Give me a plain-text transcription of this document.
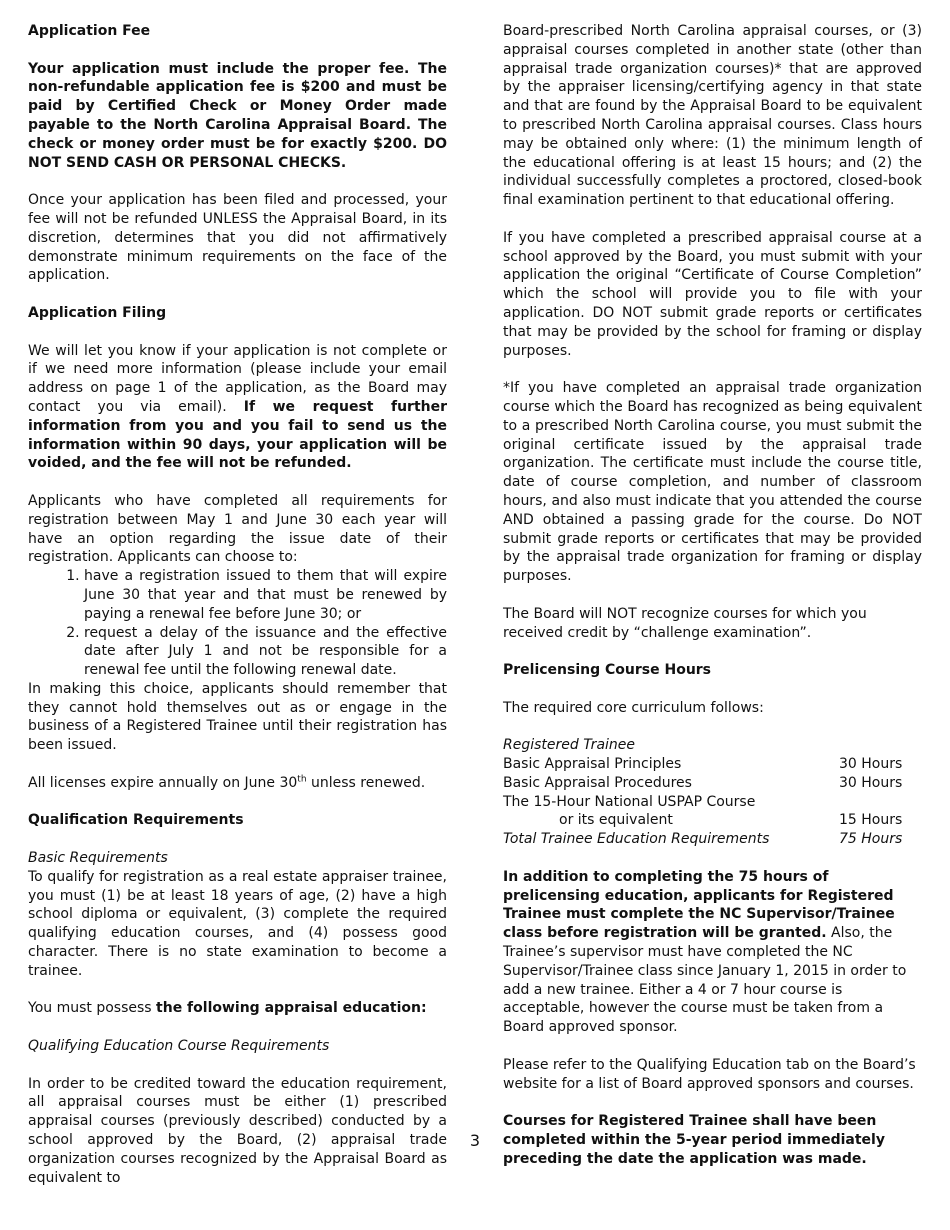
Application Fee

Your application must include the proper fee. The non-refundable application fee is $200 and must be paid by Certified Check or Money Order made payable to the North Carolina Appraisal Board. The check or money order must be for exactly $200. DO NOT SEND CASH OR PERSONAL CHECKS.

Once your application has been filed and processed, your fee will not be refunded UNLESS the Appraisal Board, in its discretion, determines that you did not affirmatively demonstrate minimum requirements on the face of the application.

Application Filing

We will let you know if your application is not complete or if we need more information (please include your email address on page 1 of the application, as the Board may contact you via email). If we request further information from you and you fail to send us the information within 90 days, your application will be voided, and the fee will not be refunded.

Applicants who have completed all requirements for registration between May 1 and June 30 each year will have an option regarding the issue date of their registration. Applicants can choose to:

1. have a registration issued to them that will expire June 30 that year and that must be renewed by paying a renewal fee before June 30; or
2. request a delay of the issuance and the effective date after July 1 and not be responsible for a renewal fee until the following renewal date.

In making this choice, applicants should remember that they cannot hold themselves out as or engage in the business of a Registered Trainee until their registration has been issued.

All licenses expire annually on June 30th unless renewed.

Qualification Requirements
Basic Requirements

To qualify for registration as a real estate appraiser trainee, you must (1) be at least 18 years of age, (2) have a high school diploma or equivalent, (3) complete the required qualifying education courses, and (4) possess good character. There is no state examination to become a trainee.

You must possess the following appraisal education:

Qualifying Education Course Requirements

In order to be credited toward the education requirement, all appraisal courses must be either (1) prescribed appraisal courses (previously described) conducted by a school approved by the Board, (2) appraisal trade organization courses recognized by the Appraisal Board as equivalent to

Board-prescribed North Carolina appraisal courses, or (3) appraisal courses completed in another state (other than appraisal trade organization courses)* that are approved by the appraiser licensing/certifying agency in that state and that are found by the Appraisal Board to be equivalent to prescribed North Carolina appraisal courses. Class hours may be obtained only where: (1) the minimum length of the educational offering is at least 15 hours; and (2) the individual successfully completes a proctored, closed-book final examination pertinent to that educational offering.

If you have completed a prescribed appraisal course at a school approved by the Board, you must submit with your application the original “Certificate of Course Completion” which the school will provide you to file with your application. DO NOT submit grade reports or certificates that may be provided by the school for framing or display purposes.

*If you have completed an appraisal trade organization course which the Board has recognized as being equivalent to a prescribed North Carolina course, you must submit the original certificate issued by the appraisal trade organization. The certificate must include the course title, date of course completion, and number of classroom hours, and also must indicate that you attended the course AND obtained a passing grade for the course. Do NOT submit grade reports or certificates that may be provided by the appraisal trade organization for framing or display purposes.

The Board will NOT recognize courses for which you received credit by “challenge examination”.

Prelicensing Course Hours

The required core curriculum follows:

Registered Trainee	
Basic Appraisal Principles	30 Hours
Basic Appraisal Procedures	30 Hours
The 15-Hour National USPAP Course	
or its equivalent	15 Hours
Total Trainee Education Requirements	75 Hours

In addition to completing the 75 hours of prelicensing education, applicants for Registered Trainee must complete the NC Supervisor/Trainee class before registration will be granted. Also, the Trainee’s supervisor must have completed the NC Supervisor/Trainee class since January 1, 2015 in order to add a new trainee. Either a 4 or 7 hour course is acceptable, however the course must be taken from a Board approved sponsor.

Please refer to the Qualifying Education tab on the Board’s website for a list of Board approved sponsors and courses.

Courses for Registered Trainee shall have been completed within the 5-year period immediately preceding the date the application was made.

3
